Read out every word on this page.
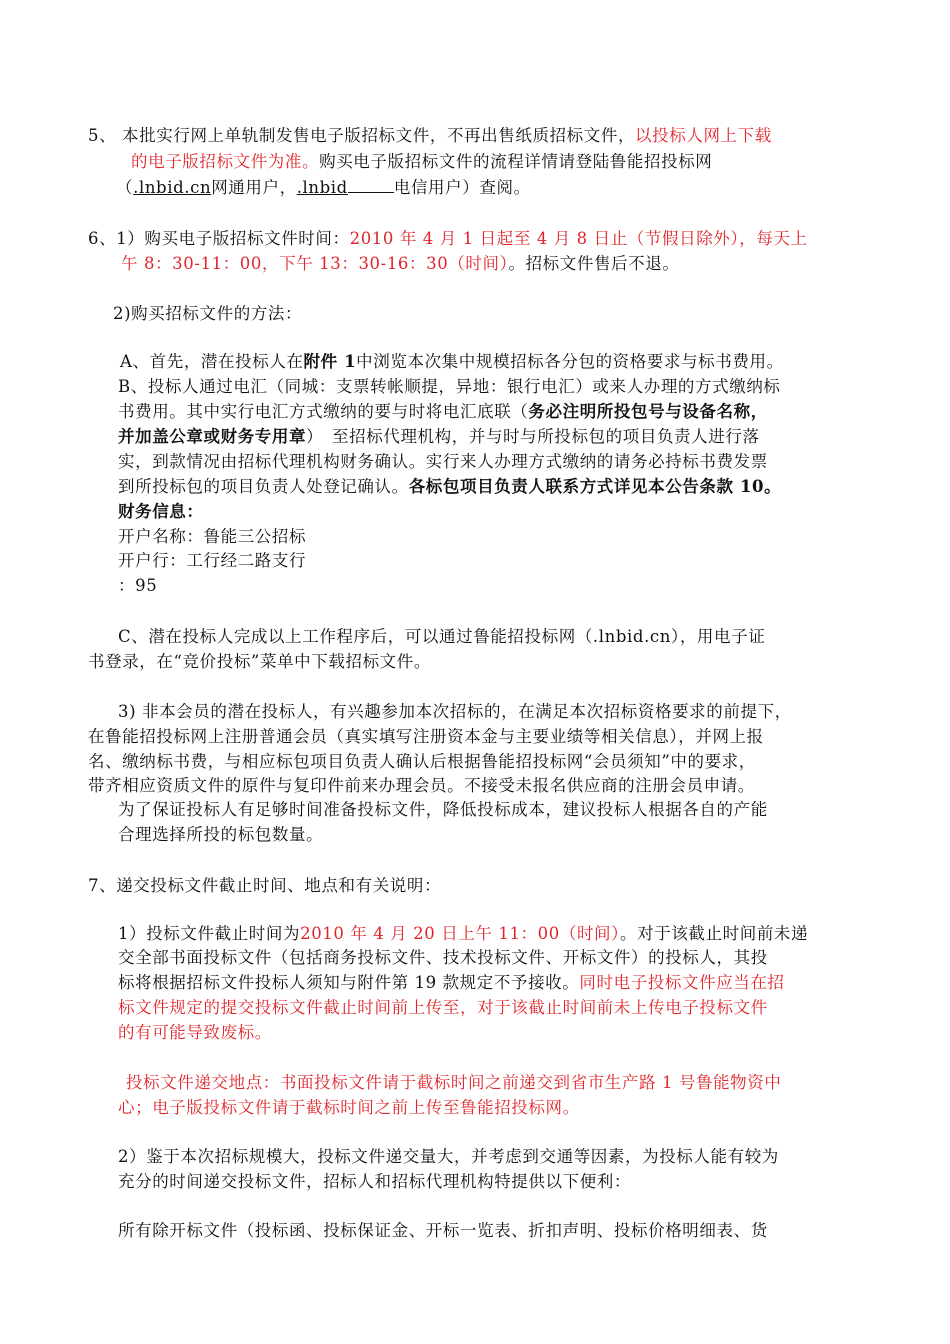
5、 本批实行网上单轨制发售电子版招标文件，不再出售纸质招标文件，以投标人网上下载
的电子版招标文件为准。购买电子版招标文件的流程详情请登陆鲁能招投标网
（.lnbid.cn网通用户，.lnbid	电信用户）查阅。
6、1）购买电子版招标文件时间：2010 年 4 月 1 日起至 4 月 8 日止（节假日除外），每天上
午 8：30-11：00，下午 13：30-16：30（时间）。招标文件售后不退。
2)购买招标文件的方法：
A、首先，潜在投标人在附件 1中浏览本次集中规模招标各分包的资格要求与标书费用。
B、投标人通过电汇（同城：支票转帐顺提，异地：银行电汇）或来人办理的方式缴纳标
书费用。其中实行电汇方式缴纳的要与时将电汇底联（务必注明所投包号与设备名称，
并加盖公章或财务专用章）　至招标代理机构，并与时与所投标包的项目负责人进行落
实，到款情况由招标代理机构财务确认。实行来人办理方式缴纳的请务必持标书费发票
到所投标包的项目负责人处登记确认。各标包项目负责人联系方式详见本公告条款 10。
财务信息：
开户名称：鲁能三公招标
开户行：工行经二路支行
：95
C、潜在投标人完成以上工作程序后，可以通过鲁能招投标网（.lnbid.cn），用电子证
书登录，在“竞价投标”菜单中下载招标文件。
3) 非本会员的潜在投标人，有兴趣参加本次招标的，在满足本次招标资格要求的前提下，
在鲁能招投标网上注册普通会员（真实填写注册资本金与主要业绩等相关信息），并网上报
名、缴纳标书费，与相应标包项目负责人确认后根据鲁能招投标网“会员须知”中的要求，
带齐相应资质文件的原件与复印件前来办理会员。不接受未报名供应商的注册会员申请。
为了保证投标人有足够时间准备投标文件，降低投标成本，建议投标人根据各自的产能
合理选择所投的标包数量。
7、递交投标文件截止时间、地点和有关说明：
1）投标文件截止时间为2010 年 4 月 20 日上午 11：00（时间）。对于该截止时间前未递
交全部书面投标文件（包括商务投标文件、技术投标文件、开标文件）的投标人，其投
标将根据招标文件投标人须知与附件第 19 款规定不予接收。同时电子投标文件应当在招
标文件规定的提交投标文件截止时间前上传至，对于该截止时间前未上传电子投标文件
的有可能导致废标。
投标文件递交地点：书面投标文件请于截标时间之前递交到省市生产路 1 号鲁能物资中
心；电子版投标文件请于截标时间之前上传至鲁能招投标网。
2）鉴于本次招标规模大，投标文件递交量大，并考虑到交通等因素，为投标人能有较为
充分的时间递交投标文件，招标人和招标代理机构特提供以下便利：
所有除开标文件（投标函、投标保证金、开标一览表、折扣声明、投标价格明细表、货
